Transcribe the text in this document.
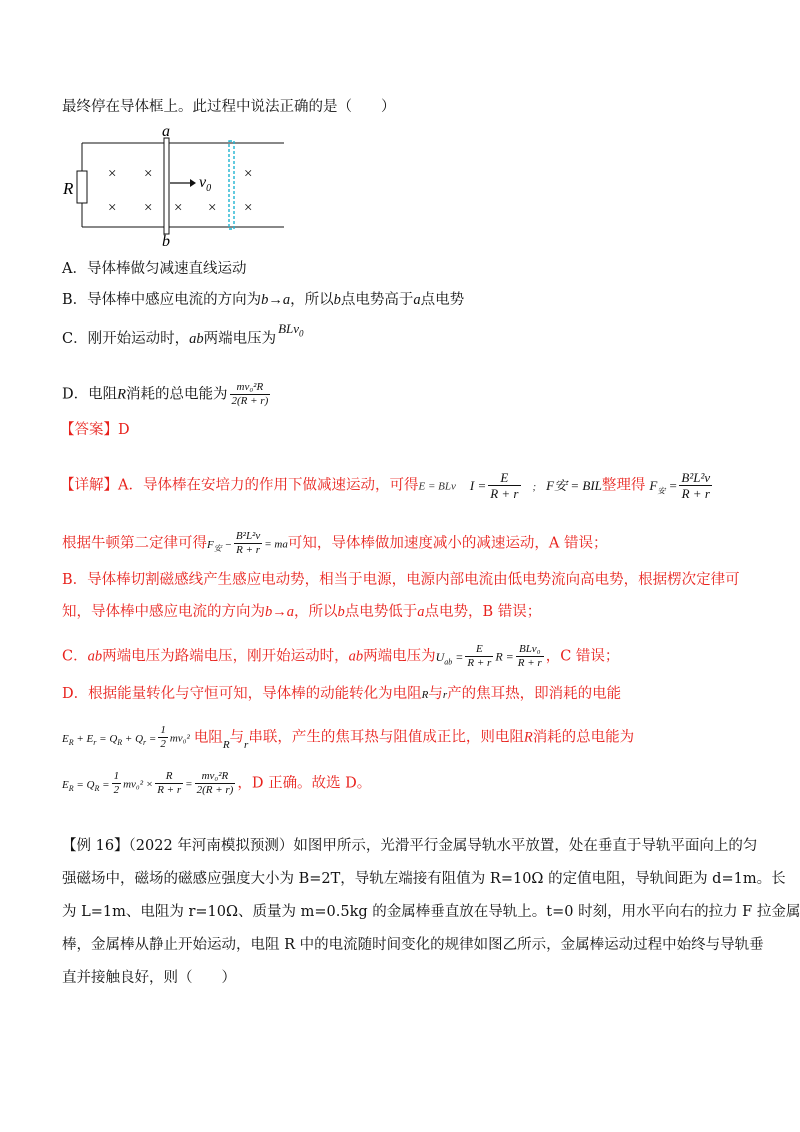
最终停在导体框上。此过程中说法正确的是（　　）
R
× ×
× ×	×
×
×
×
a
b
$v_0$
A．导体棒做匀减速直线运动
B．导体棒中感应电流的方向为b→a，所以b点电势高于a点电势
C．刚开始运动时，ab两端电压为BLv$_0$
D．电阻R消耗的总电能为 $\frac{\text{mv₀²R}}{2(R + r)}$
【答案】D
【详解】A．导体棒在安培力的作用下做减速运动，可得E = BLv $I = \frac{E}{R + r}$ ; F安 = BIL整理得 $F_安 = \frac{\text{B²L²v}}{R + r}$
根据牛顿第二定律可得$F_安 - \frac{\text{B²L²v}}{R + r}$ = ma可知，导体棒做加速度减小的减速运动，A 错误；
B．导体棒切割磁感线产生感应电动势，相当于电源，电源内部电流由低电势流向高电势，根据楞次定律可
知，导体棒中感应电流的方向为b→a，所以b点电势低于a点电势，B 错误；
C．ab两端电压为路端电压，刚开始运动时，ab两端电压为$U_{ab} = \frac{E}{R + r}$ $R = \frac{\text{BLv₀}}{R + r}$ ，C 错误；
D．根据能量转化与守恒可知，导体棒的动能转化为电阻R与r产的焦耳热，即消耗的电能
$E_R + E_r = Q_R + Q_r = \frac{1}{2} mv_0^2$ 电阻$_R$与$_r$串联，产生的焦耳热与阻值成正比，则电阻R消耗的总电能为
$E_R = Q_R = \frac{1}{2} mv_0^2 \times \frac{R}{R + r} = \frac{\text{mv₀²R}}{2(R + r)}$ ，D 正确。故选 D。
【例 16】（2022 年河南模拟预测）如图甲所示，光滑平行金属导轨水平放置，处在垂直于导轨平面向上的匀
强磁场中，磁场的磁感应强度大小为 B=2T，导轨左端接有阻值为 R=10Ω 的定值电阻，导轨间距为 d=1m。长
为 L=1m、电阻为 r=10Ω、质量为 m=0.5kg 的金属棒垂直放在导轨上。t=0 时刻，用水平向右的拉力 F 拉金属
棒，金属棒从静止开始运动，电阻 R 中的电流随时间变化的规律如图乙所示，金属棒运动过程中始终与导轨垂
直并接触良好，则（　　）
